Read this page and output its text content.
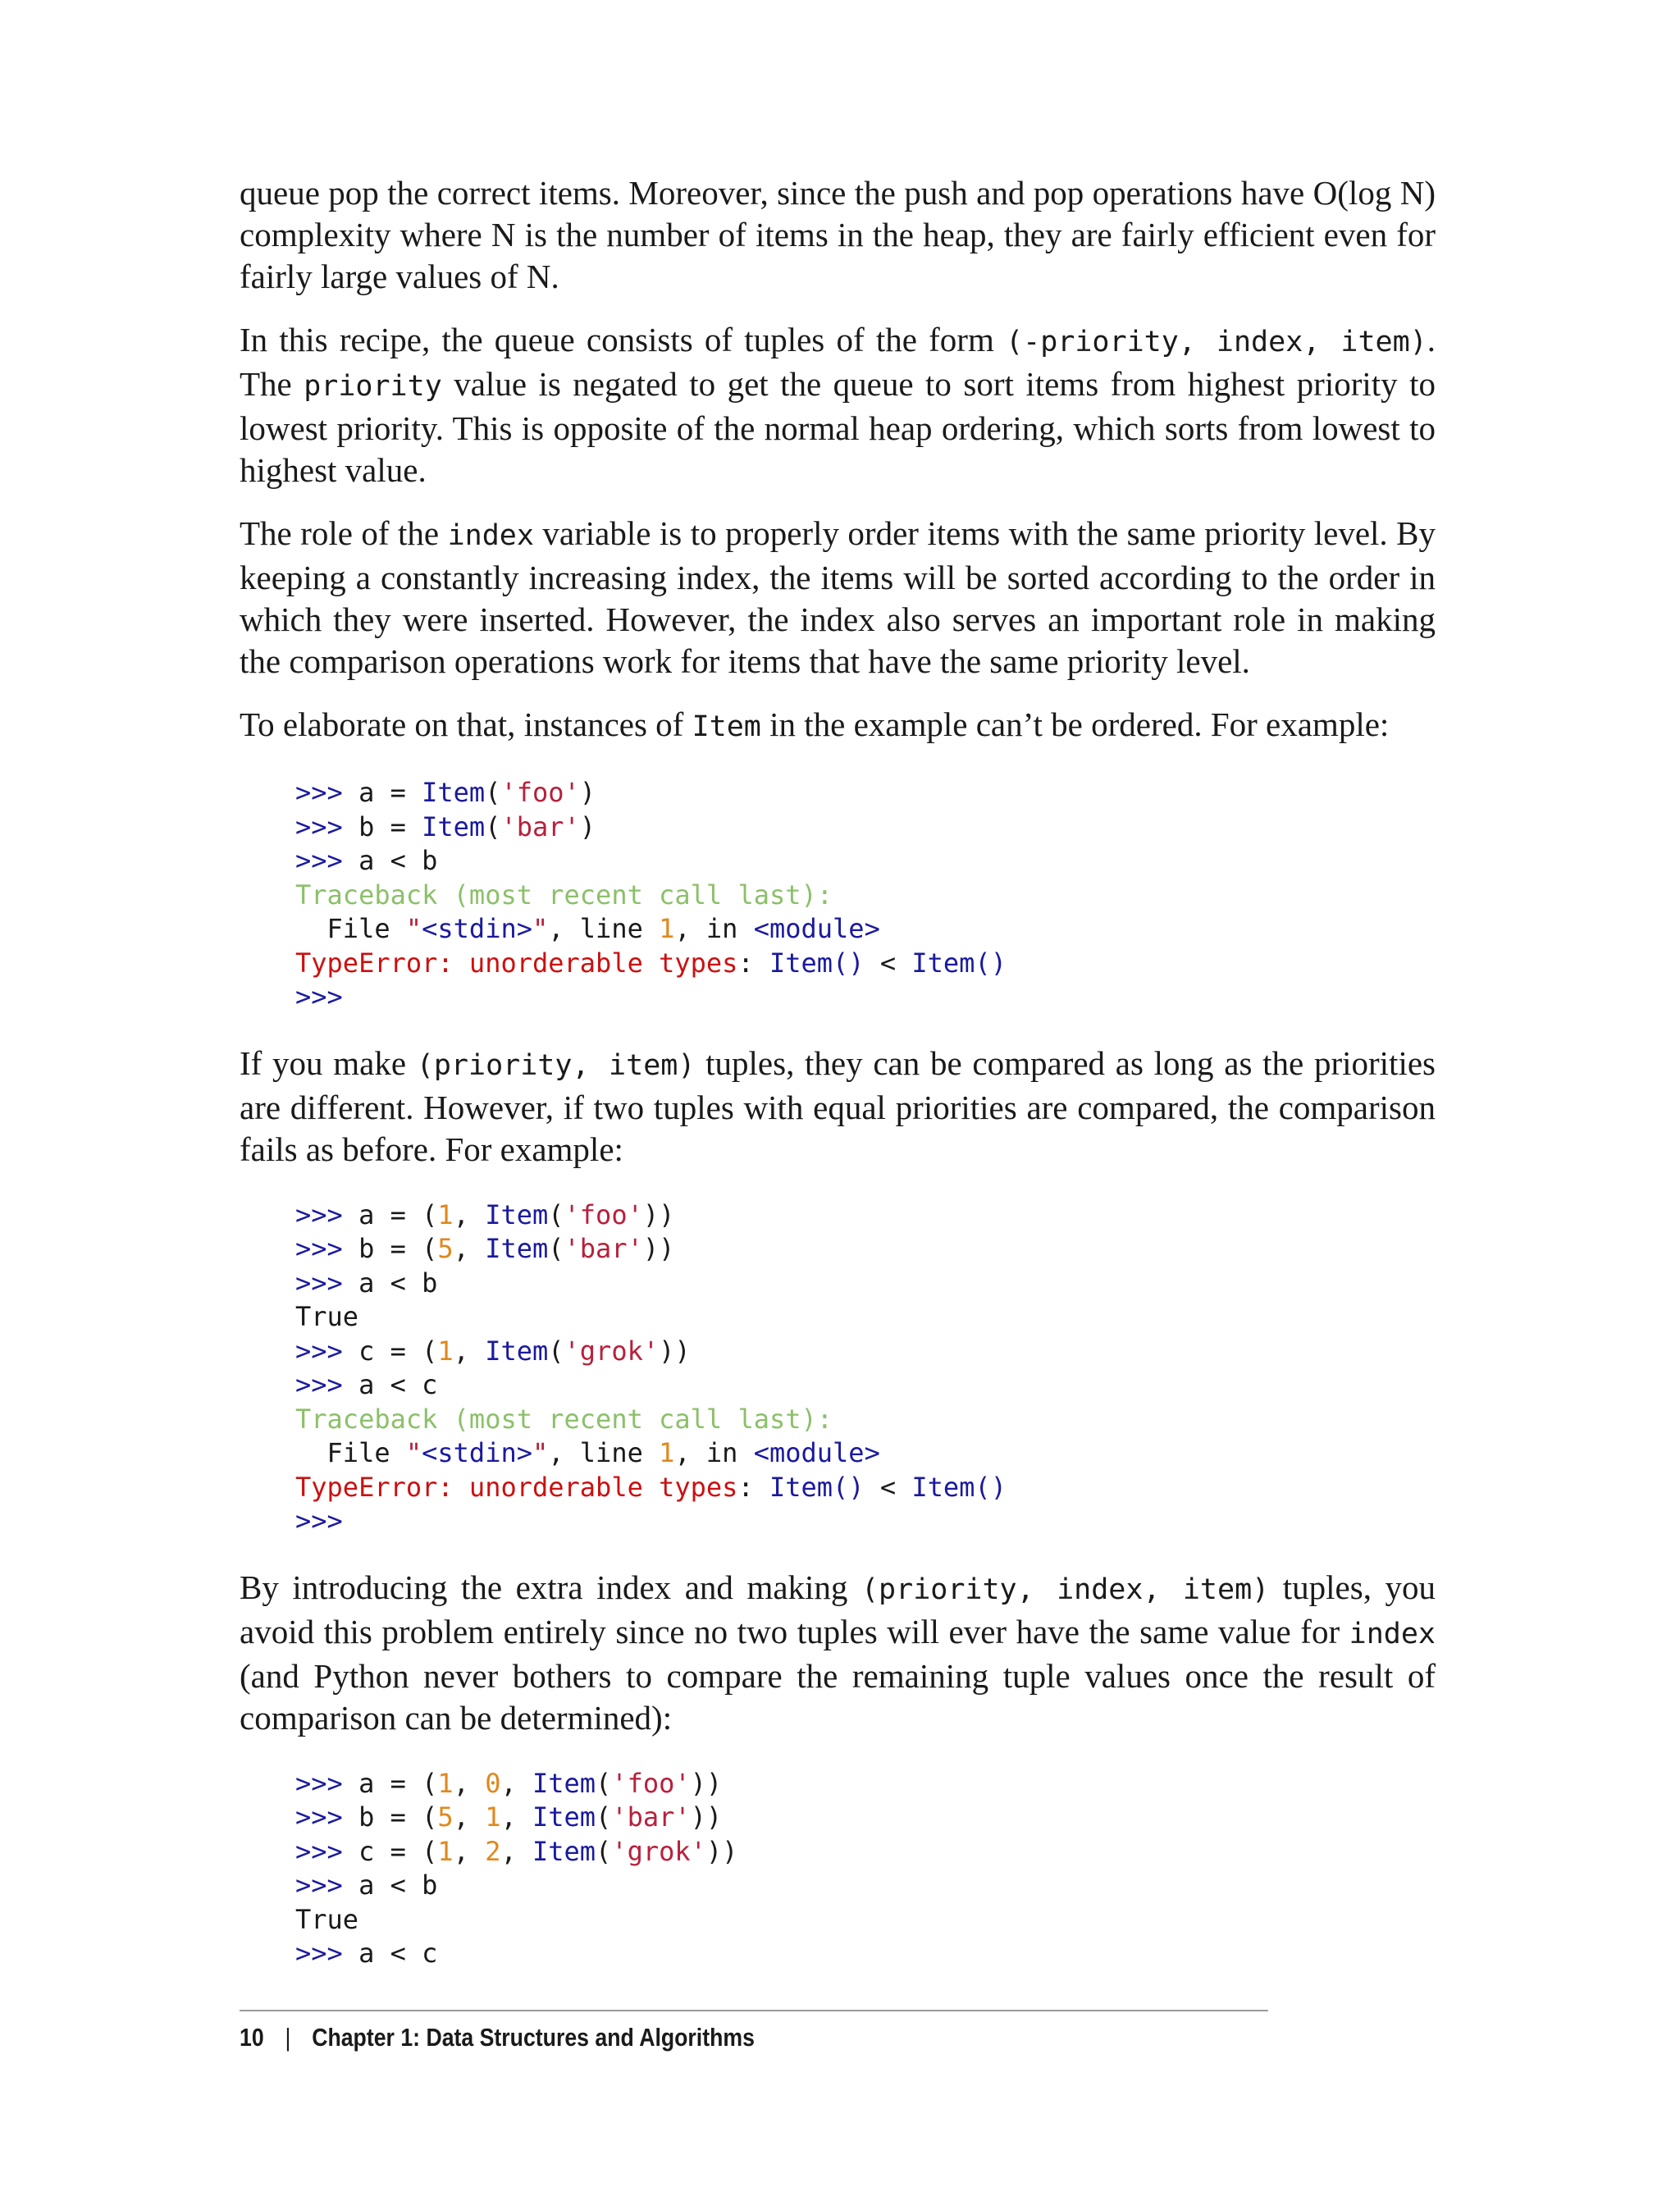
queue pop the correct items. Moreover, since the push and pop operations have O(log N) complexity where N is the number of items in the heap, they are fairly efficient even for fairly large values of N.

In this recipe, the queue consists of tuples of the form (-priority, index, item). The priority value is negated to get the queue to sort items from highest priority to lowest priority. This is opposite of the normal heap ordering, which sorts from lowest to highest value.

The role of the index variable is to properly order items with the same priority level. By keeping a constantly increasing index, the items will be sorted according to the order in which they were inserted. However, the index also serves an important role in making the comparison operations work for items that have the same priority level.

To elaborate on that, instances of Item in the example can’t be ordered. For example:

>>> a = Item('foo')
>>> b = Item('bar')
>>> a < b
Traceback (most recent call last):
File "<stdin>", line 1, in <module>
TypeError: unorderable types: Item() < Item()
>>>

If you make (priority, item) tuples, they can be compared as long as the priorities are different. However, if two tuples with equal priorities are compared, the comparison fails as before. For example:

>>> a = (1, Item('foo'))
>>> b = (5, Item('bar'))
>>> a < b
True
>>> c = (1, Item('grok'))
>>> a < c
Traceback (most recent call last):
File "<stdin>", line 1, in <module>
TypeError: unorderable types: Item() < Item()
>>>

By introducing the extra index and making (priority, index, item) tuples, you avoid this problem entirely since no two tuples will ever have the same value for index (and Python never bothers to compare the remaining tuple values once the result of comparison can be determined):

>>> a = (1, 0, Item('foo'))
>>> b = (5, 1, Item('bar'))
>>> c = (1, 2, Item('grok'))
>>> a < b
True
>>> a < c
10 | Chapter 1: Data Structures and Algorithms
